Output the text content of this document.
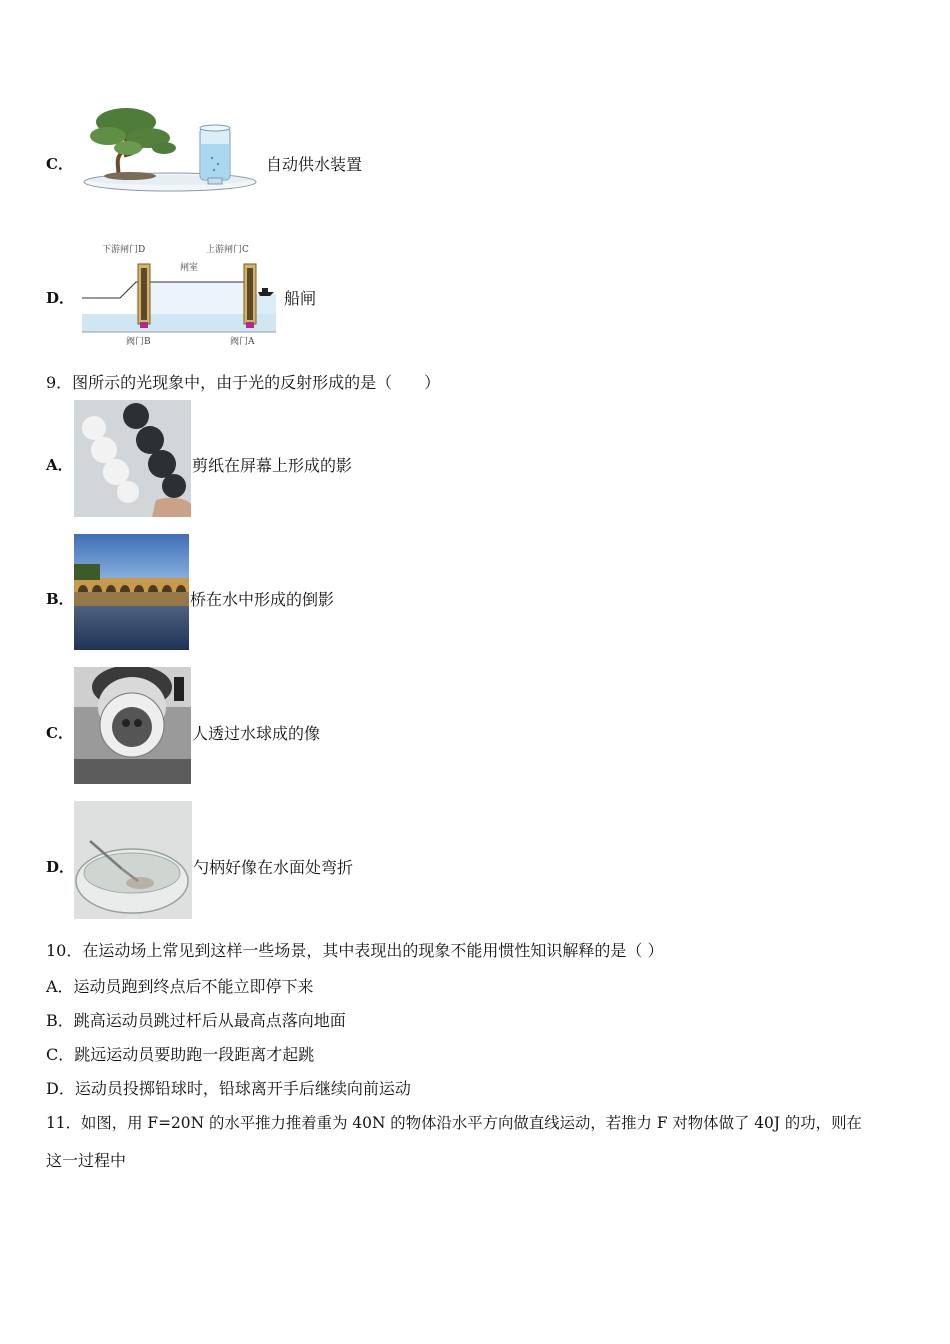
C．	自动供水装置
D．
下游闸门D	上游闸门C
闸室
阀门B	阀门A
船闸
9．图所示的光现象中，由于光的反射形成的是（　　）
A．	剪纸在屏幕上形成的影
B．	桥在水中形成的倒影
C．	人透过水球成的像
D．	勺柄好像在水面处弯折
10．在运动场上常见到这样一些场景，其中表现出的现象不能用惯性知识解释的是（ ）
A．运动员跑到终点后不能立即停下来
B．跳高运动员跳过杆后从最高点落向地面
C．跳远运动员要助跑一段距离才起跳
D．运动员投掷铅球时，铅球离开手后继续向前运动
11．如图，用 F=20N 的水平推力推着重为 40N 的物体沿水平方向做直线运动，若推力 F 对物体做了 40J 的功，则在
这一过程中
